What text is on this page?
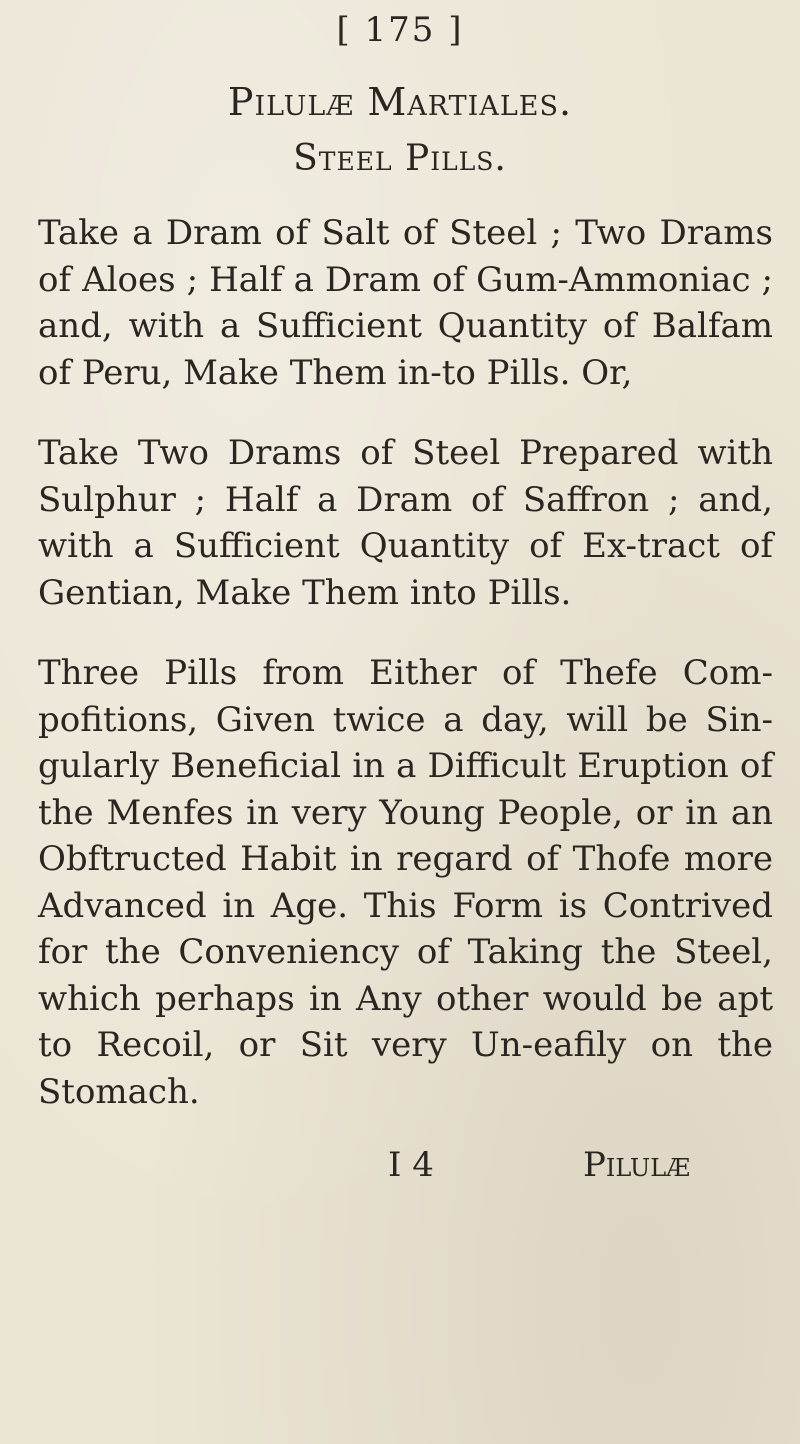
[ 175 ]
Pilulæ Martiales.
Steel Pills.

Take a Dram of Salt of Steel ; Two Drams of Aloes ; Half a Dram of Gum-Ammoniac ; and, with a Sufficient Quantity of Balfam of Peru, Make Them in-to Pills. Or,

Take Two Drams of Steel Prepared with Sulphur ; Half a Dram of Saffron ; and, with a Sufficient Quantity of Ex-tract of Gentian, Make Them into Pills.

Three Pills from Either of Thefe Com-pofitions, Given twice a day, will be Sin-gularly Beneficial in a Difficult Eruption of the Menfes in very Young People, or in an Obftructed Habit in regard of Thofe more Advanced in Age. This Form is Contrived for the Conveniency of Taking the Steel, which perhaps in Any other would be apt to Recoil, or Sit very Un-eafily on the Stomach.

I 4	Pilulæ
